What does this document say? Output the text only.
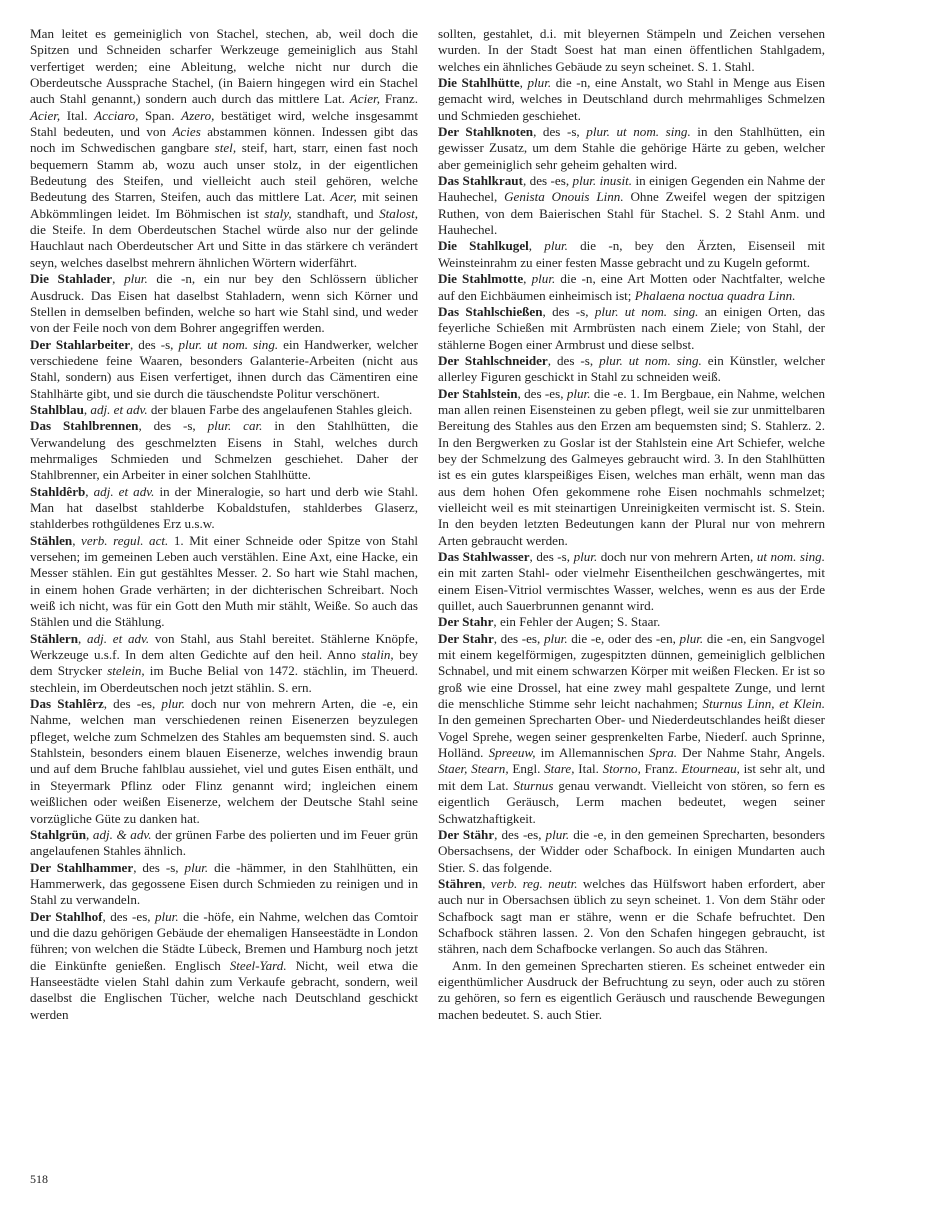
Man leitet es gemeiniglich von Stachel, stechen, ab, weil doch die Spitzen und Schneiden scharfer Werkzeuge gemeiniglich aus Stahl verfertiget werden; eine Ableitung, welche nicht nur durch die Oberdeutsche Aussprache Stachel, (in Baiern hingegen wird ein Stachel auch Stahl genannt,) sondern auch durch das mittlere Lat. Acier, Franz. Acier, Ital. Acciaro, Span. Azero, bestätiget wird, welche insgesammt Stahl bedeuten, und von Acies abstammen können. Indessen gibt das noch im Schwedischen gangbare stel, steif, hart, starr, einen fast noch bequemern Stamm ab, wozu auch unser stolz, in der eigentlichen Bedeutung des Steifen, und vielleicht auch steil gehören, welche Bedeutung des Starren, Steifen, auch das mittlere Lat. Acer, mit seinen Abkömmlingen leidet. Im Böhmischen ist staly, standhaft, und Stalost, die Steife. In dem Oberdeutschen Stachel würde also nur der gelinde Hauchlaut nach Oberdeutscher Art und Sitte in das stärkere ch verändert seyn, welches daselbst mehrern ähnlichen Wörtern widerfährt.

Die Stahlader, plur. die -n, ein nur bey den Schlössern üblicher Ausdruck. Das Eisen hat daselbst Stahladern, wenn sich Körner und Stellen in demselben befinden, welche so hart wie Stahl sind, und weder von der Feile noch von dem Bohrer angegriffen werden.

Der Stahlarbeiter, des -s, plur. ut nom. sing. ein Handwerker, welcher verschiedene feine Waaren, besonders Galanterie-Arbeiten (nicht aus Stahl, sondern) aus Eisen verfertiget, ihnen durch das Cämentiren eine Stahlhärte gibt, und sie durch die täuschendste Politur verschönert.

Stahlblau, adj. et adv. der blauen Farbe des angelaufenen Stahles gleich.

Das Stahlbrennen, des -s, plur. car. in den Stahlhütten, die Verwandelung des geschmelzten Eisens in Stahl, welches durch mehrmaliges Schmieden und Schmelzen geschiehet. Daher der Stahlbrenner, ein Arbeiter in einer solchen Stahlhütte.

Stahldêrb, adj. et adv. in der Mineralogie, so hart und derb wie Stahl. Man hat daselbst stahlderbe Kobaldstufen, stahlderbes Glaserz, stahlderbes rothgüldenes Erz u.s.w.

Stählen, verb. regul. act. 1. Mit einer Schneide oder Spitze von Stahl versehen; im gemeinen Leben auch verstählen. Eine Axt, eine Hacke, ein Messer stählen. Ein gut gestähltes Messer. 2. So hart wie Stahl machen, in einem hohen Grade verhärten; in der dichterischen Schreibart. Noch weiß ich nicht, was für ein Gott den Muth mir stählt, Weiße. So auch das Stählen und die Stählung.

Stählern, adj. et adv. von Stahl, aus Stahl bereitet. Stählerne Knöpfe, Werkzeuge u.s.f. In dem alten Gedichte auf den heil. Anno stalin, bey dem Strycker stelein, im Buche Belial von 1472. stächlin, im Theuerd. stechlein, im Oberdeutschen noch jetzt stählin. S. ern.

Das Stahlêrz, des -es, plur. doch nur von mehrern Arten, die -e, ein Nahme, welchen man verschiedenen reinen Eisenerzen beyzulegen pfleget, welche zum Schmelzen des Stahles am bequemsten sind. S. auch Stahlstein, besonders einem blauen Eisenerze, welches inwendig braun und auf dem Bruche fahlblau aussiehet, viel und gutes Eisen enthält, und in Steyermark Pflinz oder Flinz genannt wird; ingleichen einem weißlichen oder weißen Eisenerze, welchem der Deutsche Stahl seine vorzügliche Güte zu danken hat.

Stahlgrün, adj. & adv. der grünen Farbe des polierten und im Feuer grün angelaufenen Stahles ähnlich.

Der Stahlhammer, des -s, plur. die -hämmer, in den Stahlhütten, ein Hammerwerk, das gegossene Eisen durch Schmieden zu reinigen und in Stahl zu verwandeln.

Der Stahlhof, des -es, plur. die -höfe, ein Nahme, welchen das Comtoir und die dazu gehörigen Gebäude der ehemaligen Hanseestädte in London führen; von welchen die Städte Lübeck, Bremen und Hamburg noch jetzt die Einkünfte genießen. Englisch Steel-Yard. Nicht, weil etwa die Hanseestädte vielen Stahl dahin zum Verkaufe gebracht, sondern, weil daselbst die Englischen Tücher, welche nach Deutschland geschickt werden

sollten, gestahlet, d.i. mit bleyernen Stämpeln und Zeichen versehen wurden. In der Stadt Soest hat man einen öffentlichen Stahlgadem, welches ein ähnliches Gebäude zu seyn scheinet. S. 1. Stahl.

Die Stahlhütte, plur. die -n, eine Anstalt, wo Stahl in Menge aus Eisen gemacht wird, welches in Deutschland durch mehrmahliges Schmelzen und Schmieden geschiehet.

Der Stahlknoten, des -s, plur. ut nom. sing. in den Stahlhütten, ein gewisser Zusatz, um dem Stahle die gehörige Härte zu geben, welcher aber gemeiniglich sehr geheim gehalten wird.

Das Stahlkraut, des -es, plur. inusit. in einigen Gegenden ein Nahme der Hauhechel, Genista Onouis Linn. Ohne Zweifel wegen der spitzigen Ruthen, von dem Baierischen Stahl für Stachel. S. 2 Stahl Anm. und Hauhechel.

Die Stahlkugel, plur. die -n, bey den Ärzten, Eisenseil mit Weinsteinrahm zu einer festen Masse gebracht und zu Kugeln geformt.

Die Stahlmotte, plur. die -n, eine Art Motten oder Nachtfalter, welche auf den Eichbäumen einheimisch ist; Phalaena noctua quadra Linn.

Das Stahlschießen, des -s, plur. ut nom. sing. an einigen Orten, das feyerliche Schießen mit Armbrüsten nach einem Ziele; von Stahl, der stählerne Bogen einer Armbrust und diese selbst.

Der Stahlschneider, des -s, plur. ut nom. sing. ein Künstler, welcher allerley Figuren geschickt in Stahl zu schneiden weiß.

Der Stahlstein, des -es, plur. die -e. 1. Im Bergbaue, ein Nahme, welchen man allen reinen Eisensteinen zu geben pflegt, weil sie zur unmittelbaren Bereitung des Stahles aus den Erzen am bequemsten sind; S. Stahlerz. 2. In den Bergwerken zu Goslar ist der Stahlstein eine Art Schiefer, welche bey der Schmelzung des Galmeyes gebraucht wird. 3. In den Stahlhütten ist es ein gutes klarspeißiges Eisen, welches man erhält, wenn man das aus dem hohen Ofen gekommene rohe Eisen nochmahls schmelzet; vielleicht weil es mit steinartigen Unreinigkeiten vermischt ist. S. Stein. In den beyden letzten Bedeutungen kann der Plural nur von mehrern Arten gebraucht werden.

Das Stahlwasser, des -s, plur. doch nur von mehrern Arten, ut nom. sing. ein mit zarten Stahl- oder vielmehr Eisentheilchen geschwängertes, mit einem Eisen-Vitriol vermischtes Wasser, welches, wenn es aus der Erde quillet, auch Sauerbrunnen genannt wird.

Der Stahr, ein Fehler der Augen; S. Staar.

Der Stahr, des -es, plur. die -e, oder des -en, plur. die -en, ein Sangvogel mit einem kegelförmigen, zugespitzten dünnen, gemeiniglich gelblichen Schnabel, und mit einem schwarzen Körper mit weißen Flecken. Er ist so groß wie eine Drossel, hat eine zwey mahl gespaltete Zunge, und lernt die menschliche Stimme sehr leicht nachahmen; Sturnus Linn, et Klein. In den gemeinen Sprecharten Ober- und Niederdeutschlandes heißt dieser Vogel Sprehe, wegen seiner gesprenkelten Farbe, Niederſ. auch Sprinne, Holländ. Spreeuw, im Allemannischen Spra. Der Nahme Stahr, Angels. Staer, Stearn, Engl. Stare, Ital. Storno, Franz. Etourneau, ist sehr alt, und mit dem Lat. Sturnus genau verwandt. Vielleicht von stören, so fern es eigentlich Geräusch, Lerm machen bedeutet, wegen seiner Schwatzhaftigkeit.

Der Stähr, des -es, plur. die -e, in den gemeinen Sprecharten, besonders Obersachsens, der Widder oder Schafbock. In einigen Mundarten auch Stier. S. das folgende.

Stähren, verb. reg. neutr. welches das Hülfswort haben erfordert, aber auch nur in Obersachsen üblich zu seyn scheinet. 1. Von dem Stähr oder Schafbock sagt man er stähre, wenn er die Schafe befruchtet. Den Schafbock stähren lassen. 2. Von den Schafen hingegen gebraucht, ist stähren, nach dem Schafbocke verlangen. So auch das Stähren.

Anm. In den gemeinen Sprecharten stieren. Es scheinet entweder ein eigenthümlicher Ausdruck der Befruchtung zu seyn, oder auch zu stören zu gehören, so fern es eigentlich Geräusch und rauschende Bewegungen machen bedeutet. S. auch Stier.

518
